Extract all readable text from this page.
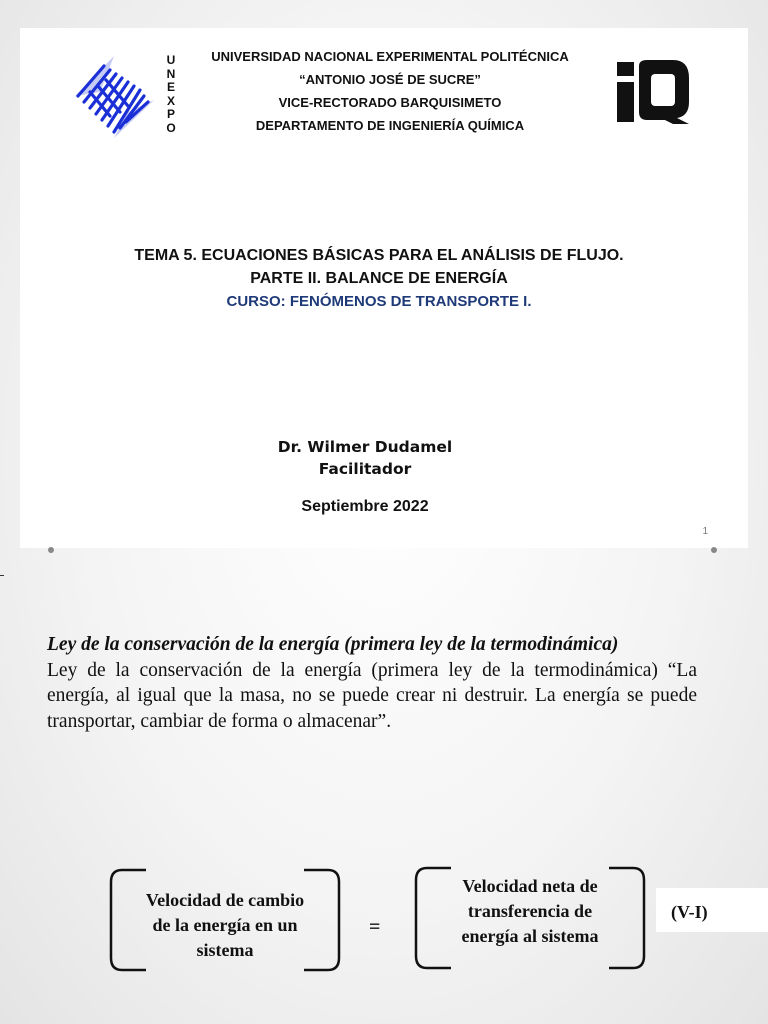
U
N
E
X
P
O
UNIVERSIDAD NACIONAL EXPERIMENTAL POLITÉCNICA
“ANTONIO JOSÉ DE SUCRE”
VICE-RECTORADO BARQUISIMETO
DEPARTAMENTO DE INGENIERÍA QUÍMICA
TEMA 5. ECUACIONES BÁSICAS PARA EL ANÁLISIS DE FLUJO.
PARTE II. BALANCE DE ENERGÍA
CURSO: FENÓMENOS DE TRANSPORTE I.
Dr. Wilmer Dudamel
Facilitador
Septiembre 2022
1
Ley de la conservación de la energía (primera ley de la termodinámica)
Ley de la conservación de la energía (primera ley de la termodinámica) “La energía, al igual que la masa, no se puede crear ni destruir. La energía se puede transportar, cambiar de forma o almacenar”.
Velocidad de cambio
de la energía en un
sistema
=
Velocidad neta de
transferencia de
energía al sistema
(V-I)
